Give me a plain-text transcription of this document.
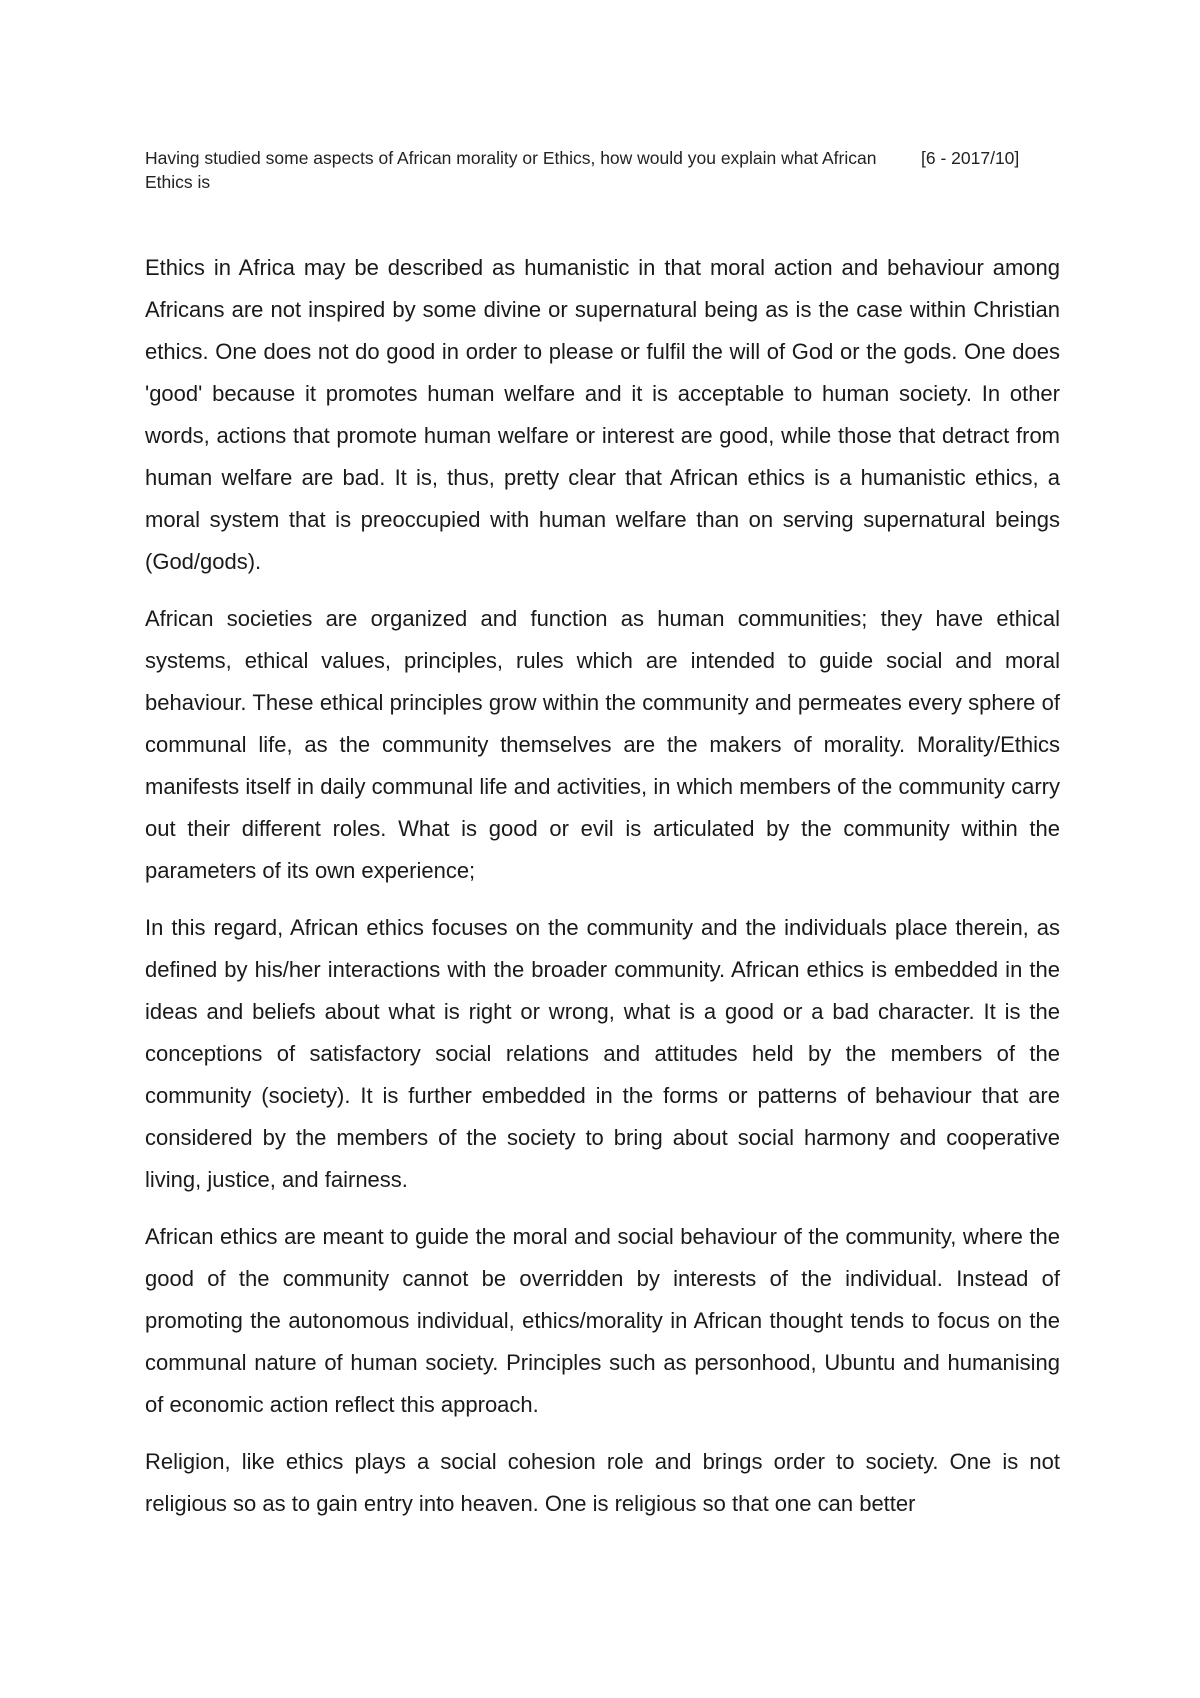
Having studied some aspects of African morality or Ethics, how would you explain what African Ethics is
[6 - 2017/10]

Ethics in Africa may be described as humanistic in that moral action and behaviour among Africans are not inspired by some divine or supernatural being as is the case within Christian ethics. One does not do good in order to please or fulfil the will of God or the gods. One does 'good' because it promotes human welfare and it is acceptable to human society. In other words, actions that promote human welfare or interest are good, while those that detract from human welfare are bad. It is, thus, pretty clear that African ethics is a humanistic ethics, a moral system that is preoccupied with human welfare than on serving supernatural beings (God/gods).

African societies are organized and function as human communities; they have ethical systems, ethical values, principles, rules which are intended to guide social and moral behaviour. These ethical principles grow within the community and permeates every sphere of communal life, as the community themselves are the makers of morality. Morality/Ethics manifests itself in daily communal life and activities, in which members of the community carry out their different roles. What is good or evil is articulated by the community within the parameters of its own experience;

In this regard, African ethics focuses on the community and the individuals place therein, as defined by his/her interactions with the broader community. African ethics is embedded in the ideas and beliefs about what is right or wrong, what is a good or a bad character. It is the conceptions of satisfactory social relations and attitudes held by the members of the community (society). It is further embedded in the forms or patterns of behaviour that are considered by the members of the society to bring about social harmony and cooperative living, justice, and fairness.

African ethics are meant to guide the moral and social behaviour of the community, where the good of the community cannot be overridden by interests of the individual. Instead of promoting the autonomous individual, ethics/morality in African thought tends to focus on the communal nature of human society. Principles such as personhood, Ubuntu and humanising of economic action reflect this approach.

Religion, like ethics plays a social cohesion role and brings order to society. One is not religious so as to gain entry into heaven. One is religious so that one can better
